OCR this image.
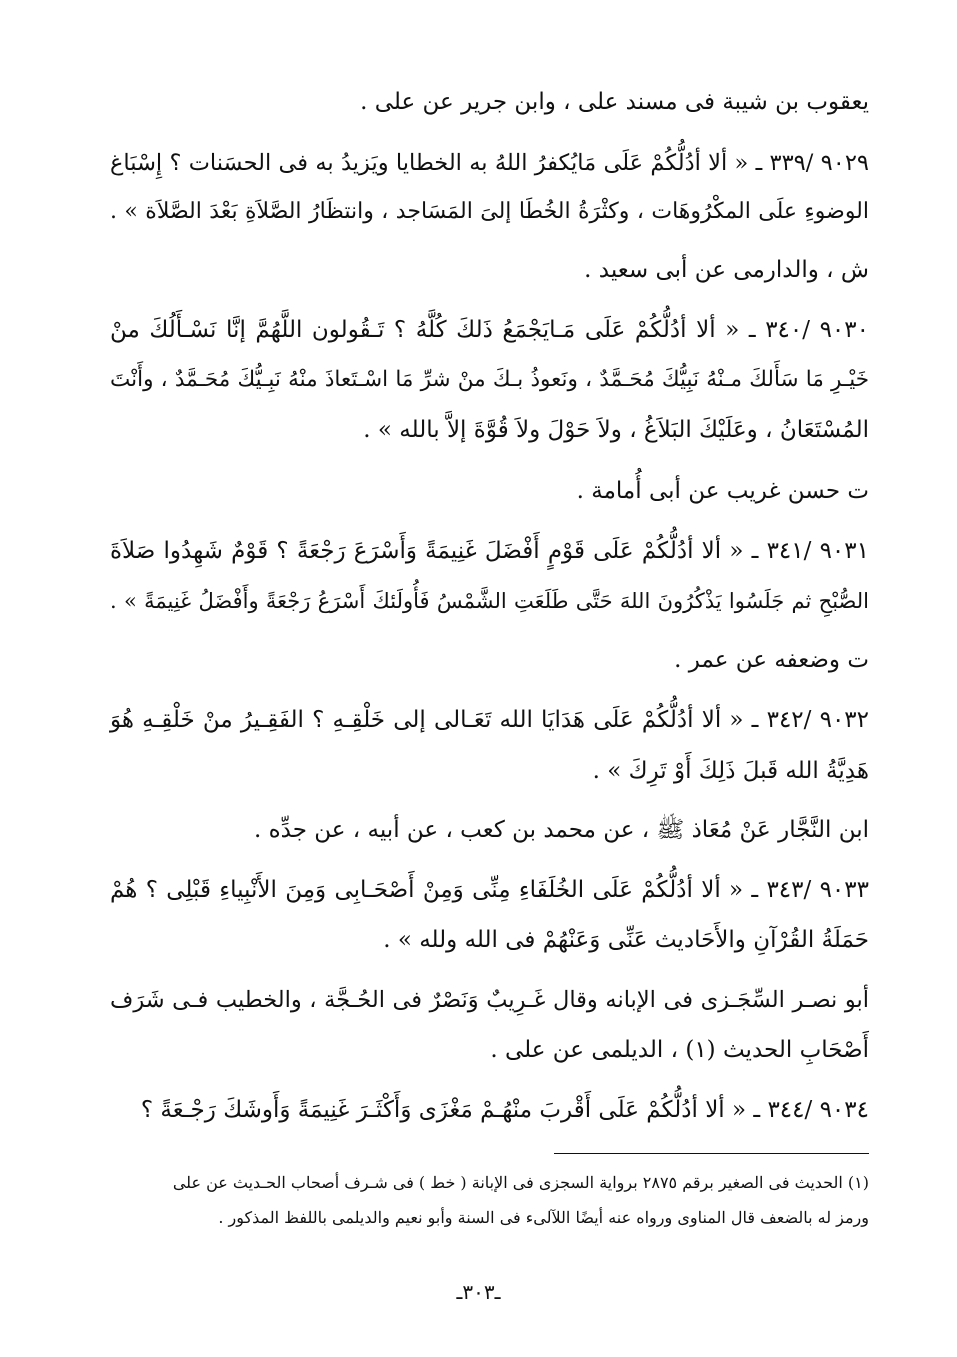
يعقوب بن شيبة فى مسند على ، وابن جرير عن على .
٩٠٢٩ /٣٣٩ ـ « ألا أدُلُّكُمْ عَلَى مَايُكفرُ اللهُ به الخطايا ويَزيدُ به فى الحسَنات ؟ إِسْبَاغ
الوضوءِ علَى المكْرُوهَات ، وكثْرَةُ الخُطَا إلىَ المَسَاجد ، وانتظَارُ الصَّلاَةِ بَعْدَ الصَّلاَة » .
ش ، والدارمى عن أبى سعيد .
٩٠٣٠ /٣٤٠ ـ « ألا أدُلُّكُمْ عَلَى مَـايَجْمَعُ ذَلكَ كُلَّهُ ؟ تَـقُولون اللَّهُمَّ إنَّا نَسْـأَلُكَ منْ
خَيْـرِ مَا سَأَلكَ مـنْهُ نَبِيُّكَ مُحَـمَّدٌ ، ونَعوذُ بـكَ منْ شرِّ مَا اسْـتَعاذَ منْهُ نَبِـيُّكَ مُحَـمَّدٌ ، وأَنْتَ
المُسْتَعَانُ ، وعَلَيْكَ البَلاَغُ ، ولاَ حَوْلَ ولاَ قُوَّةَ إلاَّ بالله » .
ت حسن غريب عن أبى أُمامة .
٩٠٣١ /٣٤١ ـ « ألا أدُلُّكُمْ عَلَى قَوْمٍ أَفْضَلَ غَنِيمَةً وَأَسْرَعَ رَجْعَةً ؟ قَوْمٌ شَهِدُوا صَلاَةَ
الصُّبْحِ ثم جَلَسُوا يَذْكُرُونَ اللهَ حَتَّى طَلَعَتِ الشَّمْسُ فَأُولَئكَ أَسْرَعُ رَجْعَةً وأَفْضَلُ غَنِيمَةً » .
ت وضعفه عن عمر .
٩٠٣٢ /٣٤٢ ـ « ألا أدُلُّكُمْ عَلَى هَدَايَا الله تَعَـالى إلى خَلْقِـهِ ؟ الفَقِـيرُ منْ خَلْقِـهِ هُوَ
هَدِيَّةُ الله قَبلَ ذَلِكَ أَوْ تَرِكَ » .
ابن النَّجَّار عَنْ مُعَاذ ﷺ ، عن محمد بن كعب ، عن أبيه ، عن جدِّه .
٩٠٣٣ /٣٤٣ ـ « ألا أدُلُّكُمْ عَلَى الخُلَفَاءِ مِنِّى وَمِنْ أَصْحَـابِى وَمِنَ الأَنْبِياءِ قَبْلِى ؟ هُمْ
حَمَلَةُ القُرْآنِ والأَحَاديث عَنِّى وَعَنْهُمْ فى الله ولله » .
أبو نصـر السِّجَـزى فى الإبانه وقال غَـرِيبٌ وَنَصْرٌ فى الحُـجَّة ، والخطيب فـى شَرَف
أَصْحَابِ الحديث (١) ، الديلمى عن على .
٩٠٣٤ /٣٤٤ ـ « ألا أدُلُّكُمْ عَلَى أَقْربَ منْهُـمْ مَغْزَى وَأَكْثَـرَ غَنِيمَةً وَأَوشَكَ رَجْـعَةً ؟
(١) الحديث فى الصغير برقم ٢٨٧٥ برواية السجزى فى الإبانة ( خط ) فى شـرف أصحاب الحـديث عن على
ورمز له بالضعف قال المناوى ورواه عنه أيضًا اللآلىء فى السنة وأبو نعيم والديلمى باللفظ المذكور .
ـ٣٠٣ـ
